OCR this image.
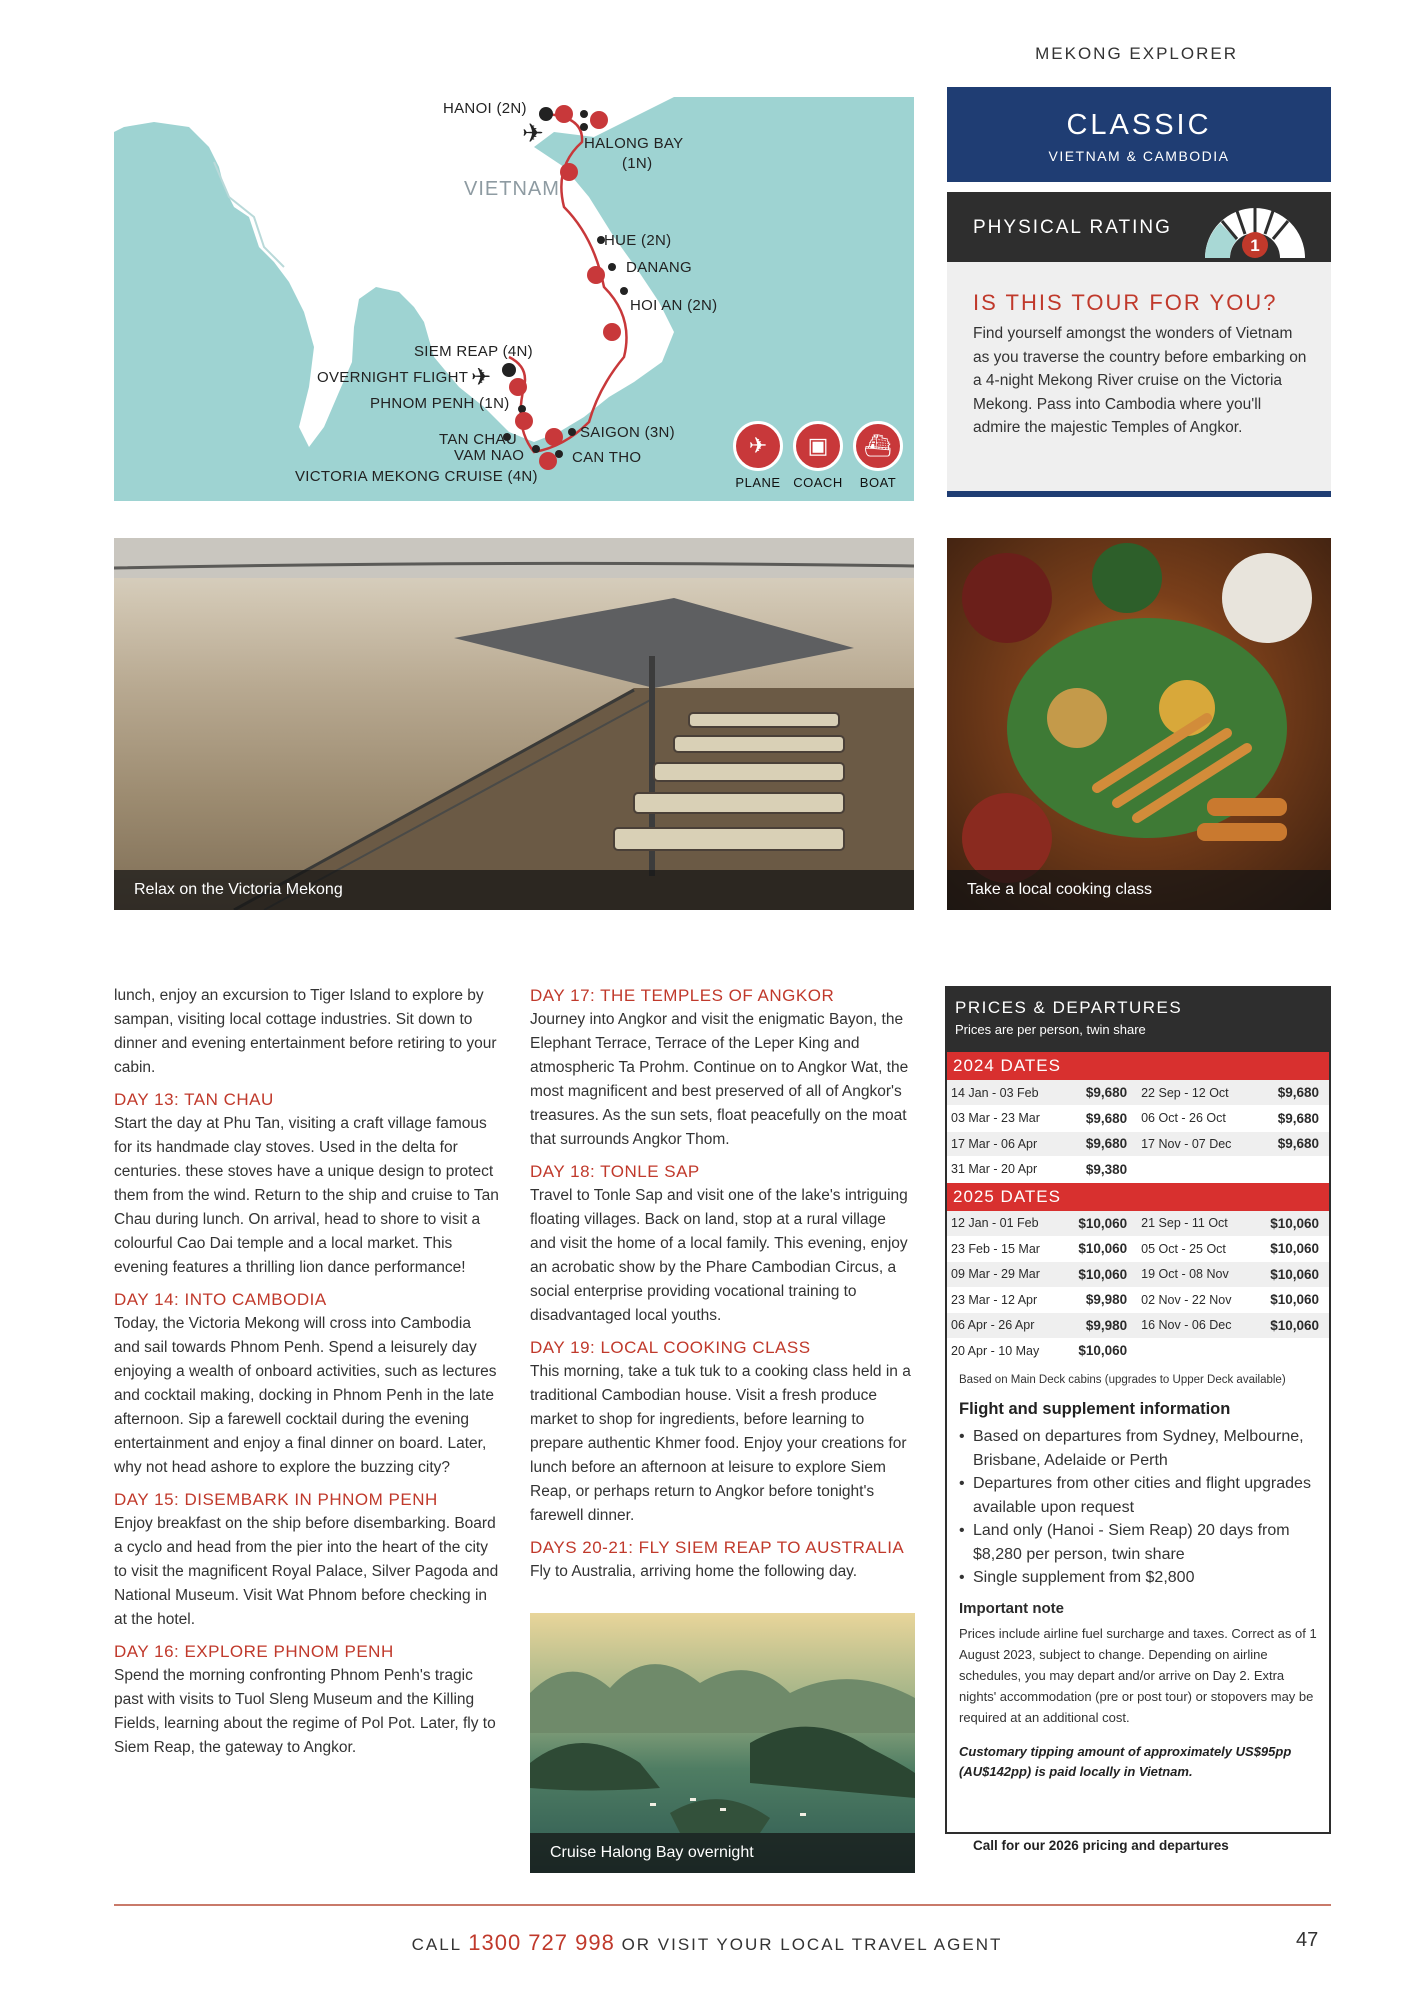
MEKONG EXPLORER
✈
✈
VIETNAM
HANOI (2N)
HALONG BAY
(1N)
HUE (2N)
DANANG
HOI AN (2N)
SIEM REAP (4N)
OVERNIGHT FLIGHT
PHNOM PENH (1N)
TAN CHAU
VAM NAO
SAIGON (3N)
CAN THO
VICTORIA MEKONG CRUISE (4N)
✈
PLANE
▣
COACH
⛴
BOAT
CLASSIC
VIETNAM & CAMBODIA
PHYSICAL RATING
1
IS THIS TOUR FOR YOU?
Find yourself amongst the wonders of Vietnam as you traverse the country before embarking on a 4-night Mekong River cruise on the Victoria Mekong. Pass into Cambodia where you'll admire the majestic Temples of Angkor.
Relax on the Victoria Mekong	Take a local cooking class

lunch, enjoy an excursion to Tiger Island to explore by sampan, visiting local cottage industries. Sit down to dinner and evening entertainment before retiring to your cabin.

DAY 13: TAN CHAU

Start the day at Phu Tan, visiting a craft village famous for its handmade clay stoves. Used in the delta for centuries. these stoves have a unique design to protect them from the wind. Return to the ship and cruise to Tan Chau during lunch. On arrival, head to shore to visit a colourful Cao Dai temple and a local market. This evening features a thrilling lion dance performance!

DAY 14: INTO CAMBODIA

Today, the Victoria Mekong will cross into Cambodia and sail towards Phnom Penh. Spend a leisurely day enjoying a wealth of onboard activities, such as lectures and cocktail making, docking in Phnom Penh in the late afternoon. Sip a farewell cocktail during the evening entertainment and enjoy a final dinner on board. Later, why not head ashore to explore the buzzing city?

DAY 15: DISEMBARK IN PHNOM PENH

Enjoy breakfast on the ship before disembarking. Board a cyclo and head from the pier into the heart of the city to visit the magnificent Royal Palace, Silver Pagoda and National Museum. Visit Wat Phnom before checking in at the hotel.

DAY 16: EXPLORE PHNOM PENH

Spend the morning confronting Phnom Penh's tragic past with visits to Tuol Sleng Museum and the Killing Fields, learning about the regime of Pol Pot. Later, fly to Siem Reap, the gateway to Angkor.

DAY 17: THE TEMPLES OF ANGKOR

Journey into Angkor and visit the enigmatic Bayon, the Elephant Terrace, Terrace of the Leper King and atmospheric Ta Prohm. Continue on to Angkor Wat, the most magnificent and best preserved of all of Angkor's treasures. As the sun sets, float peacefully on the moat that surrounds Angkor Thom.

DAY 18: TONLE SAP

Travel to Tonle Sap and visit one of the lake's intriguing floating villages. Back on land, stop at a rural village and visit the home of a local family. This evening, enjoy an acrobatic show by the Phare Cambodian Circus, a social enterprise providing vocational training to disadvantaged local youths.

DAY 19: LOCAL COOKING CLASS

This morning, take a tuk tuk to a cooking class held in a traditional Cambodian house. Visit a fresh produce market to shop for ingredients, before learning to prepare authentic Khmer food. Enjoy your creations for lunch before an afternoon at leisure to explore Siem Reap, or perhaps return to Angkor before tonight's farewell dinner.

DAYS 20-21: FLY SIEM REAP TO AUSTRALIA

Fly to Australia, arriving home the following day.

Cruise Halong Bay overnight
PRICES & DEPARTURES
Prices are per person, twin share
2024 DATES
14 Jan - 03 Feb	$9,680	22 Sep - 12 Oct	$9,680
03 Mar - 23 Mar	$9,680	06 Oct - 26 Oct	$9,680
17 Mar - 06 Apr	$9,680	17 Nov - 07 Dec	$9,680
31 Mar - 20 Apr	$9,380		
2025 DATES
12 Jan - 01 Feb	$10,060	21 Sep - 11 Oct	$10,060
23 Feb - 15 Mar	$10,060	05 Oct - 25 Oct	$10,060
09 Mar - 29 Mar	$10,060	19 Oct - 08 Nov	$10,060
23 Mar - 12 Apr	$9,980	02 Nov - 22 Nov	$10,060
06 Apr - 26 Apr	$9,980	16 Nov - 06 Dec	$10,060
20 Apr - 10 May	$10,060		
Based on Main Deck cabins (upgrades to Upper Deck available)
Flight and supplement information
• Based on departures from Sydney, Melbourne, Brisbane, Adelaide or Perth
• Departures from other cities and flight upgrades available upon request
• Land only (Hanoi - Siem Reap) 20 days from $8,280 per person, twin share
• Single supplement from $2,800
Important note
Prices include airline fuel surcharge and taxes. Correct as of 1 August 2023, subject to change. Depending on airline schedules, you may depart and/or arrive on Day 2. Extra nights' accommodation (pre or post tour) or stopovers may be required at an additional cost.
Customary tipping amount of approximately US$95pp (AU$142pp) is paid locally in Vietnam.
Call for our 2026 pricing and departures
CALL 1300 727 998 OR VISIT YOUR LOCAL TRAVEL AGENT	47
